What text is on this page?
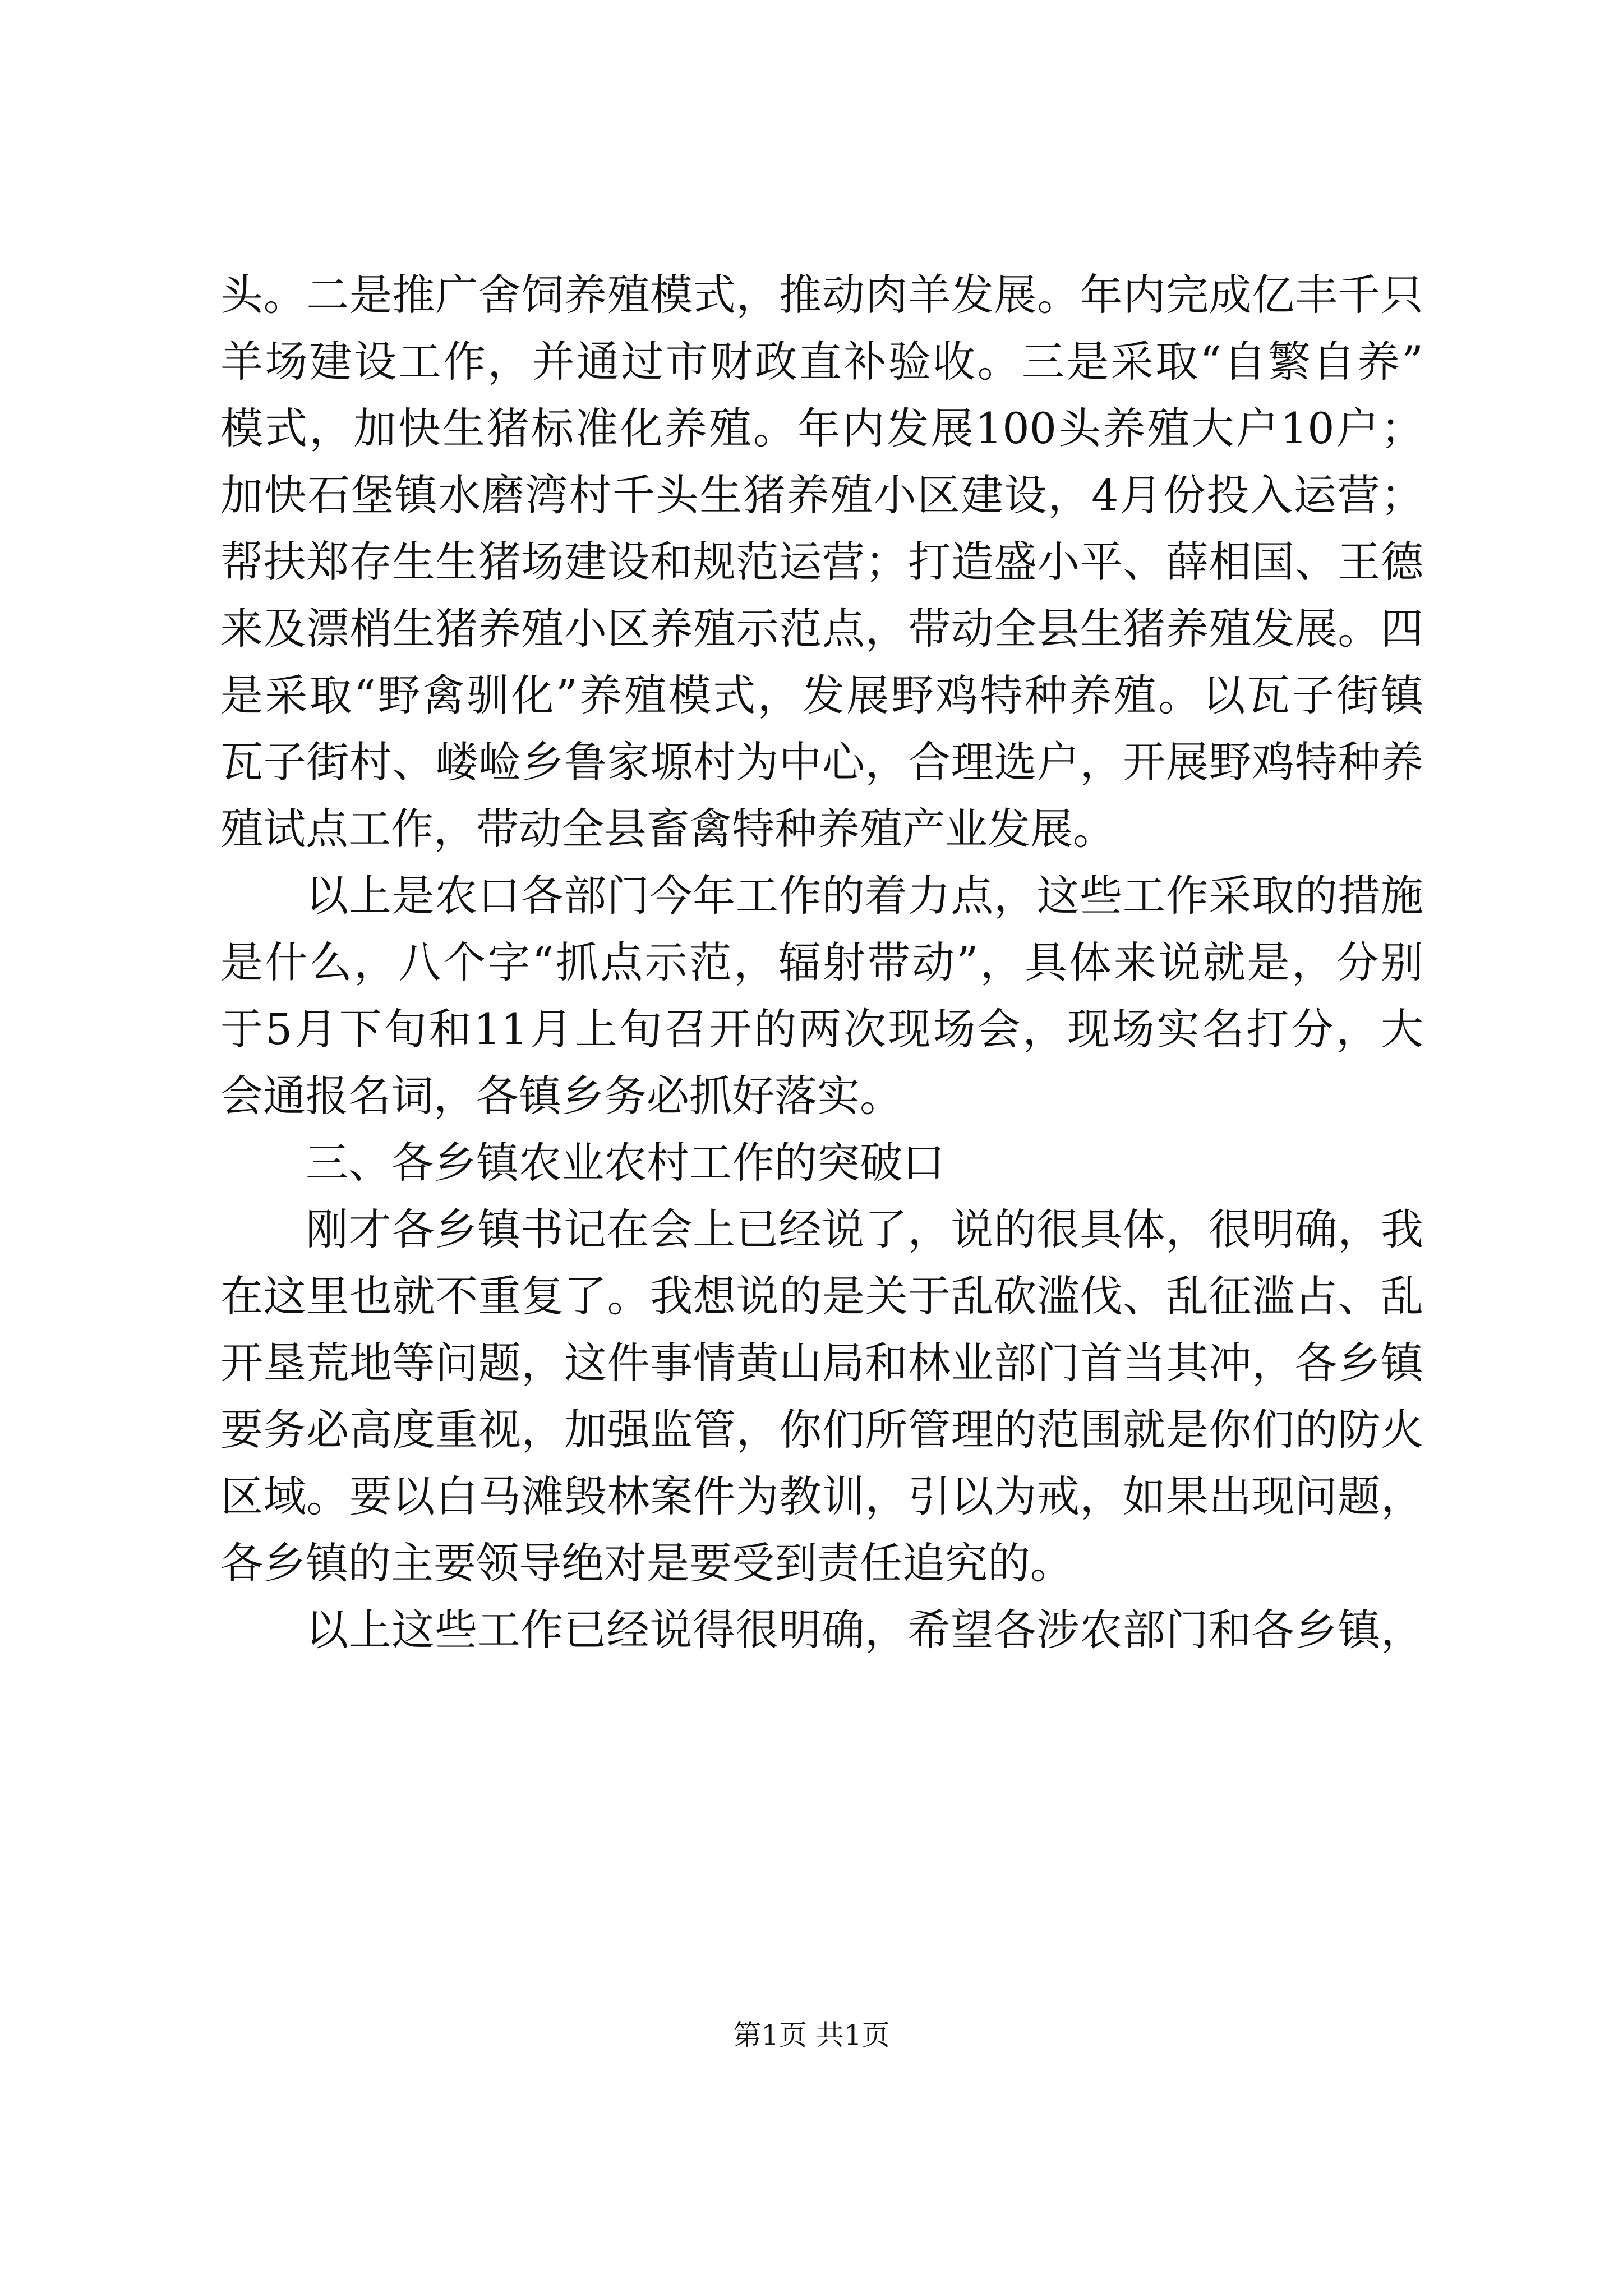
头。二是推广舍饲养殖模式，推动肉羊发展。年内完成亿丰千只
羊场建设工作，并通过市财政直补验收。三是采取“自繁自养”
模式，加快生猪标准化养殖。年内发展100头养殖大户10户；
加快石堡镇水磨湾村千头生猪养殖小区建设，4月份投入运营；
帮扶郑存生生猪场建设和规范运营；打造盛小平、薛相国、王德
来及漂梢生猪养殖小区养殖示范点，带动全县生猪养殖发展。四
是采取“野禽驯化”养殖模式，发展野鸡特种养殖。以瓦子街镇
瓦子街村、嵝崄乡鲁家塬村为中心，合理选户，开展野鸡特种养
殖试点工作，带动全县畜禽特种养殖产业发展。
以上是农口各部门今年工作的着力点，这些工作采取的措施
是什么，八个字“抓点示范，辐射带动”，具体来说就是，分别
于5月下旬和11月上旬召开的两次现场会，现场实名打分，大
会通报名词，各镇乡务必抓好落实。
三、各乡镇农业农村工作的突破口
刚才各乡镇书记在会上已经说了，说的很具体，很明确，我
在这里也就不重复了。我想说的是关于乱砍滥伐、乱征滥占、乱
开垦荒地等问题，这件事情黄山局和林业部门首当其冲，各乡镇
要务必高度重视，加强监管，你们所管理的范围就是你们的防火
区域。要以白马滩毁林案件为教训，引以为戒，如果出现问题，
各乡镇的主要领导绝对是要受到责任追究的。
以上这些工作已经说得很明确，希望各涉农部门和各乡镇，
第1页 共1页
